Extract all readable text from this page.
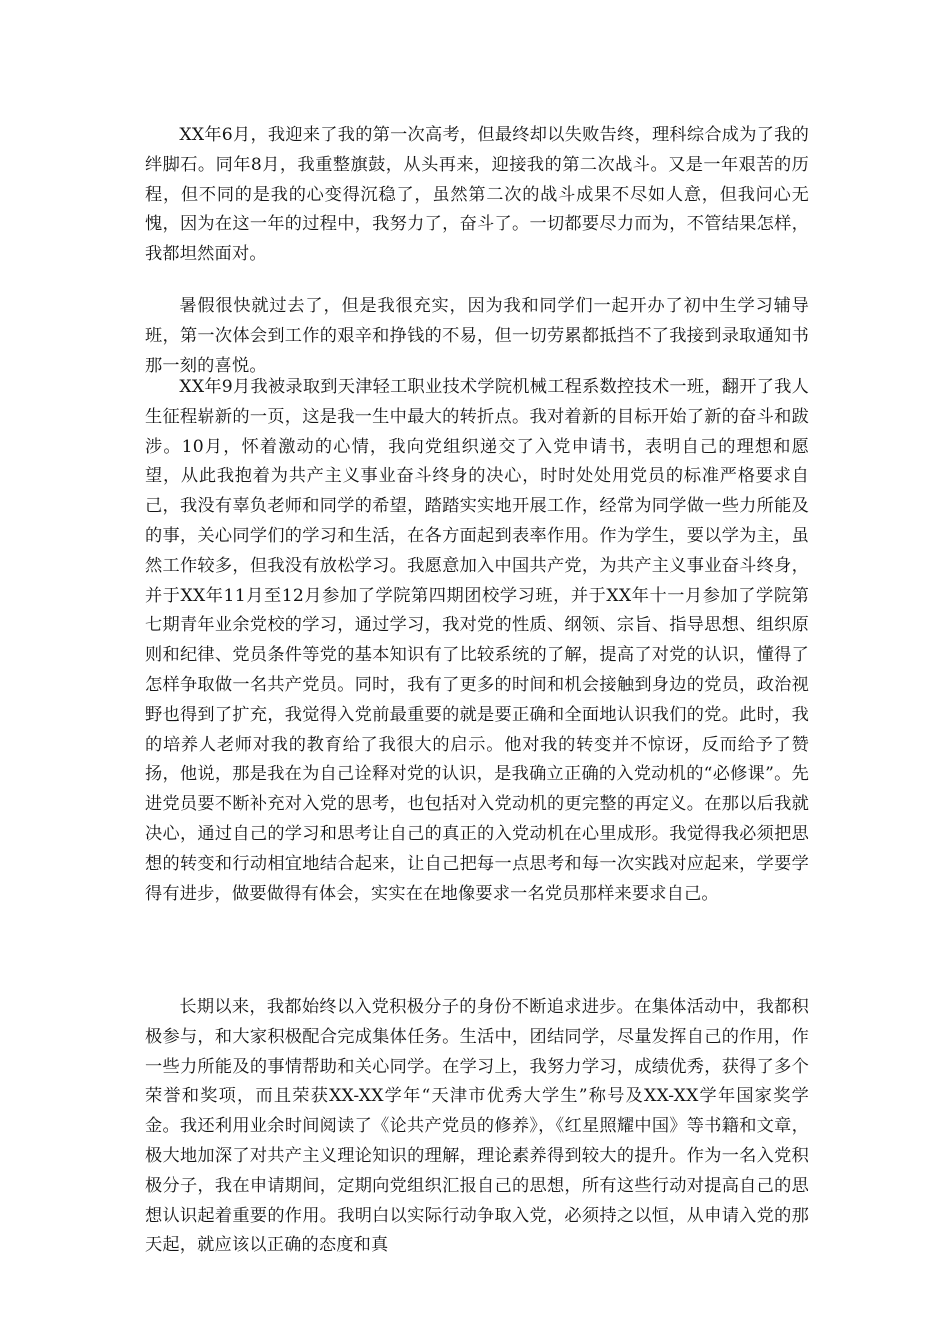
XX年6月，我迎来了我的第一次高考，但最终却以失败告终，理科综合成为了我的绊脚石。同年8月，我重整旗鼓，从头再来，迎接我的第二次战斗。又是一年艰苦的历程，但不同的是我的心变得沉稳了，虽然第二次的战斗成果不尽如人意，但我问心无愧，因为在这一年的过程中，我努力了，奋斗了。一切都要尽力而为，不管结果怎样，我都坦然面对。

暑假很快就过去了，但是我很充实，因为我和同学们一起开办了初中生学习辅导班，第一次体会到工作的艰辛和挣钱的不易，但一切劳累都抵挡不了我接到录取通知书那一刻的喜悦。

XX年9月我被录取到天津轻工职业技术学院机械工程系数控技术一班，翻开了我人生征程崭新的一页，这是我一生中最大的转折点。我对着新的目标开始了新的奋斗和跋涉。10月，怀着激动的心情，我向党组织递交了入党申请书，表明自己的理想和愿望，从此我抱着为共产主义事业奋斗终身的决心，时时处处用党员的标准严格要求自己，我没有辜负老师和同学的希望，踏踏实实地开展工作，经常为同学做一些力所能及的事，关心同学们的学习和生活，在各方面起到表率作用。作为学生，要以学为主，虽然工作较多，但我没有放松学习。我愿意加入中国共产党，为共产主义事业奋斗终身，并于XX年11月至12月参加了学院第四期团校学习班，并于XX年十一月参加了学院第七期青年业余党校的学习，通过学习，我对党的性质、纲领、宗旨、指导思想、组织原则和纪律、党员条件等党的基本知识有了比较系统的了解，提高了对党的认识，懂得了怎样争取做一名共产党员。同时，我有了更多的时间和机会接触到身边的党员，政治视野也得到了扩充，我觉得入党前最重要的就是要正确和全面地认识我们的党。此时，我的培养人老师对我的教育给了我很大的启示。他对我的转变并不惊讶，反而给予了赞扬，他说，那是我在为自己诠释对党的认识，是我确立正确的入党动机的“必修课”。先进党员要不断补充对入党的思考，也包括对入党动机的更完整的再定义。在那以后我就决心，通过自己的学习和思考让自己的真正的入党动机在心里成形。我觉得我必须把思想的转变和行动相宜地结合起来，让自己把每一点思考和每一次实践对应起来，学要学得有进步，做要做得有体会，实实在在地像要求一名党员那样来要求自己。

长期以来，我都始终以入党积极分子的身份不断追求进步。在集体活动中，我都积极参与，和大家积极配合完成集体任务。生活中，团结同学，尽量发挥自己的作用，作一些力所能及的事情帮助和关心同学。在学习上，我努力学习，成绩优秀，获得了多个荣誉和奖项，而且荣获XX-XX学年“天津市优秀大学生”称号及XX-XX学年国家奖学金。我还利用业余时间阅读了《论共产党员的修养》，《红星照耀中国》等书籍和文章，极大地加深了对共产主义理论知识的理解，理论素养得到较大的提升。作为一名入党积极分子，我在申请期间，定期向党组织汇报自己的思想，所有这些行动对提高自己的思想认识起着重要的作用。我明白以实际行动争取入党，必须持之以恒，从申请入党的那天起，就应该以正确的态度和真
